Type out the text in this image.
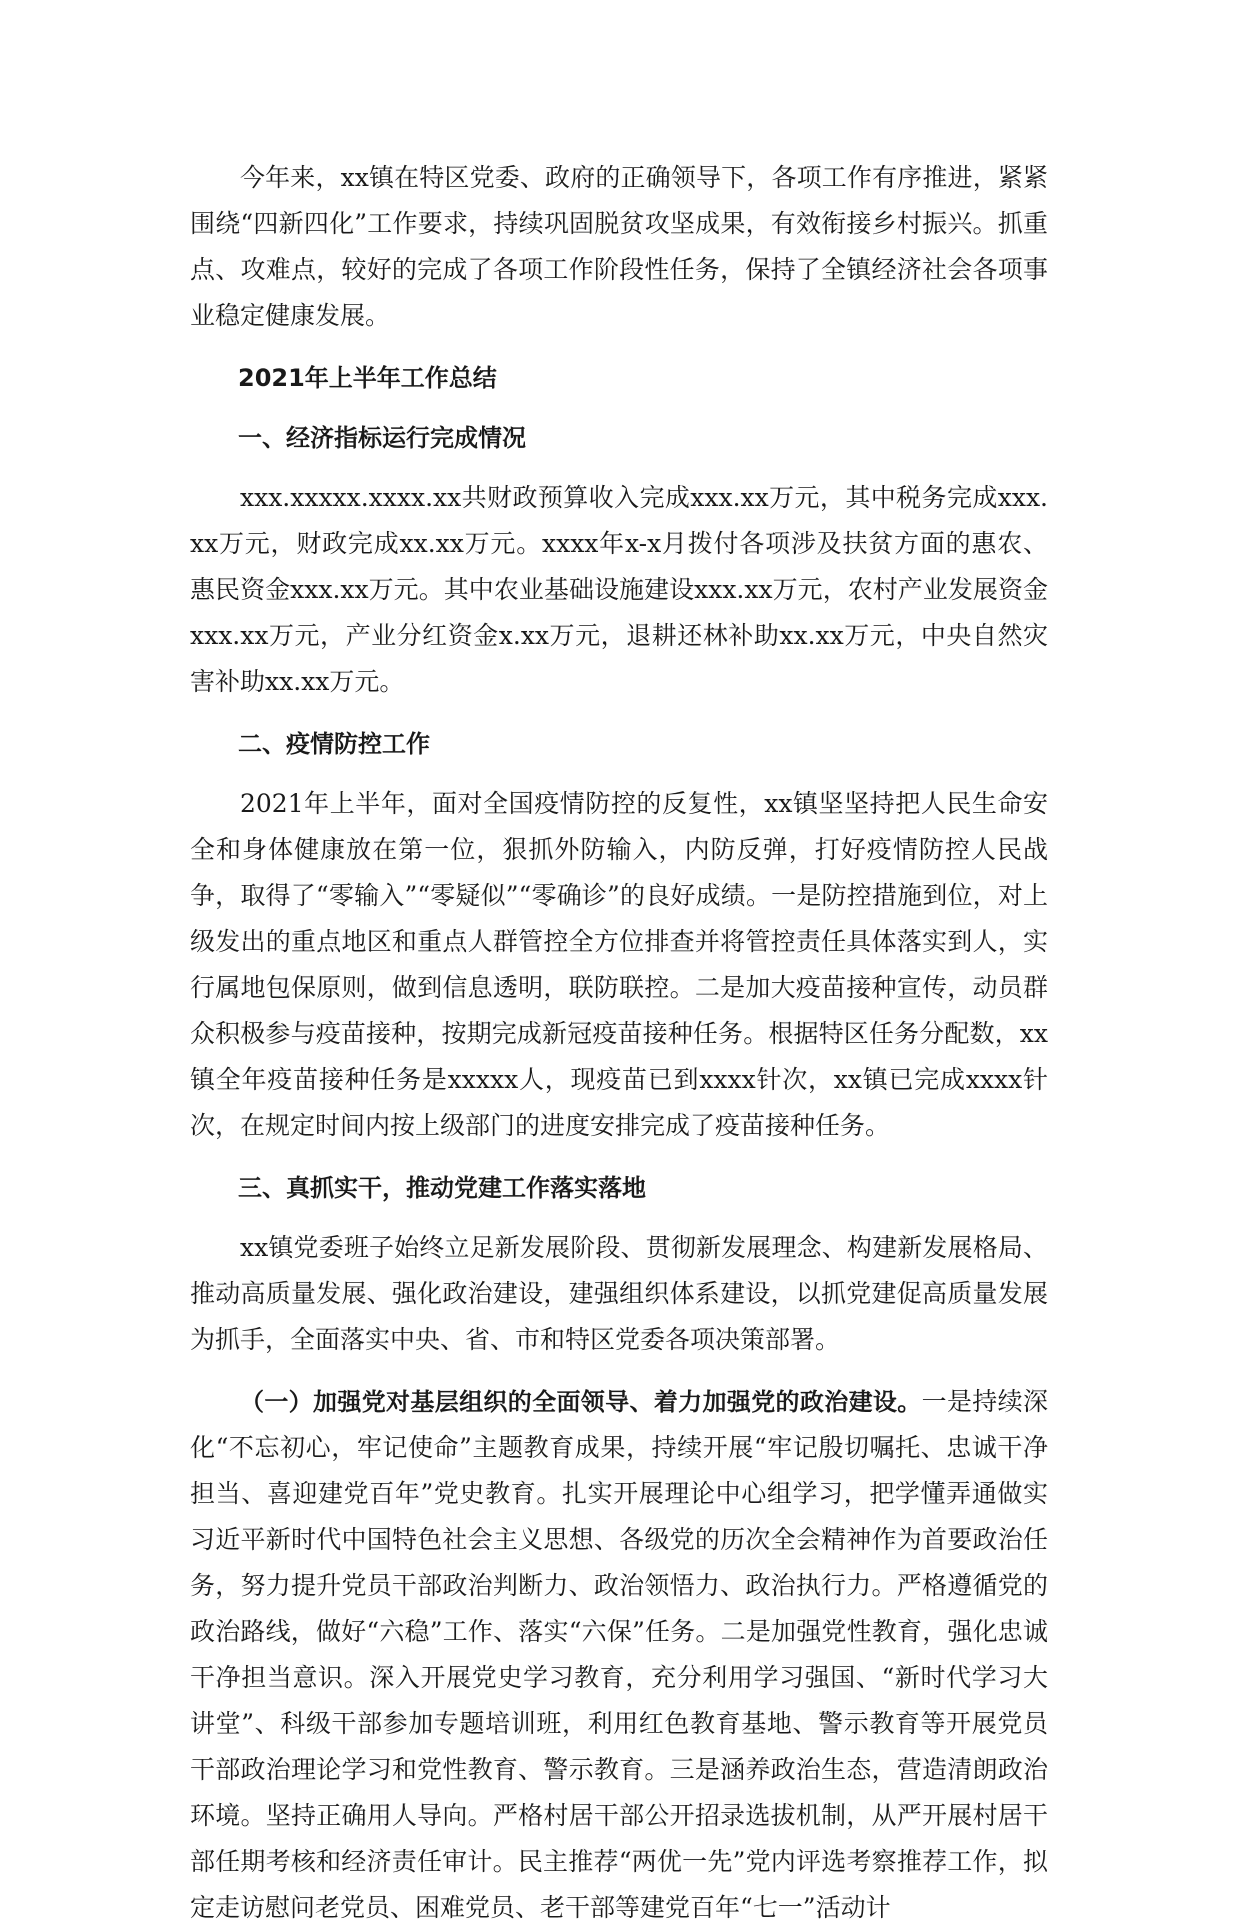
今年来，xx镇在特区党委、政府的正确领导下，各项工作有序推进，紧紧围绕“四新四化”工作要求，持续巩固脱贫攻坚成果，有效衔接乡村振兴。抓重点、攻难点，较好的完成了各项工作阶段性任务，保持了全镇经济社会各项事业稳定健康发展。

2021年上半年工作总结

一、经济指标运行完成情况

xxx.xxxxx.xxxx.xx共财政预算收入完成xxx.xx万元，其中税务完成xxx.xx万元，财政完成xx.xx万元。xxxx年x-x月拨付各项涉及扶贫方面的惠农、惠民资金xxx.xx万元。其中农业基础设施建设xxx.xx万元，农村产业发展资金xxx.xx万元，产业分红资金x.xx万元，退耕还林补助xx.xx万元，中央自然灾害补助xx.xx万元。

二、疫情防控工作

2021年上半年，面对全国疫情防控的反复性，xx镇坚坚持把人民生命安全和身体健康放在第一位，狠抓外防输入，内防反弹，打好疫情防控人民战争，取得了“零输入”“零疑似”“零确诊”的良好成绩。一是防控措施到位，对上级发出的重点地区和重点人群管控全方位排查并将管控责任具体落实到人，实行属地包保原则，做到信息透明，联防联控。二是加大疫苗接种宣传，动员群众积极参与疫苗接种，按期完成新冠疫苗接种任务。根据特区任务分配数，xx镇全年疫苗接种任务是xxxxx人，现疫苗已到xxxx针次，xx镇已完成xxxx针次，在规定时间内按上级部门的进度安排完成了疫苗接种任务。

三、真抓实干，推动党建工作落实落地

xx镇党委班子始终立足新发展阶段、贯彻新发展理念、构建新发展格局、推动高质量发展、强化政治建设，建强组织体系建设，以抓党建促高质量发展为抓手，全面落实中央、省、市和特区党委各项决策部署。

（一）加强党对基层组织的全面领导、着力加强党的政治建设。一是持续深化“不忘初心，牢记使命”主题教育成果，持续开展“牢记殷切嘱托、忠诚干净担当、喜迎建党百年”党史教育。扎实开展理论中心组学习，把学懂弄通做实习近平新时代中国特色社会主义思想、各级党的历次全会精神作为首要政治任务，努力提升党员干部政治判断力、政治领悟力、政治执行力。严格遵循党的政治路线，做好“六稳”工作、落实“六保”任务。二是加强党性教育，强化忠诚干净担当意识。深入开展党史学习教育，充分利用学习强国、“新时代学习大讲堂”、科级干部参加专题培训班，利用红色教育基地、警示教育等开展党员干部政治理论学习和党性教育、警示教育。三是涵养政治生态，营造清朗政治环境。坚持正确用人导向。严格村居干部公开招录选拔机制，从严开展村居干部任期考核和经济责任审计。民主推荐“两优一先”党内评选考察推荐工作，拟定走访慰问老党员、困难党员、老干部等建党百年“七一”活动计
